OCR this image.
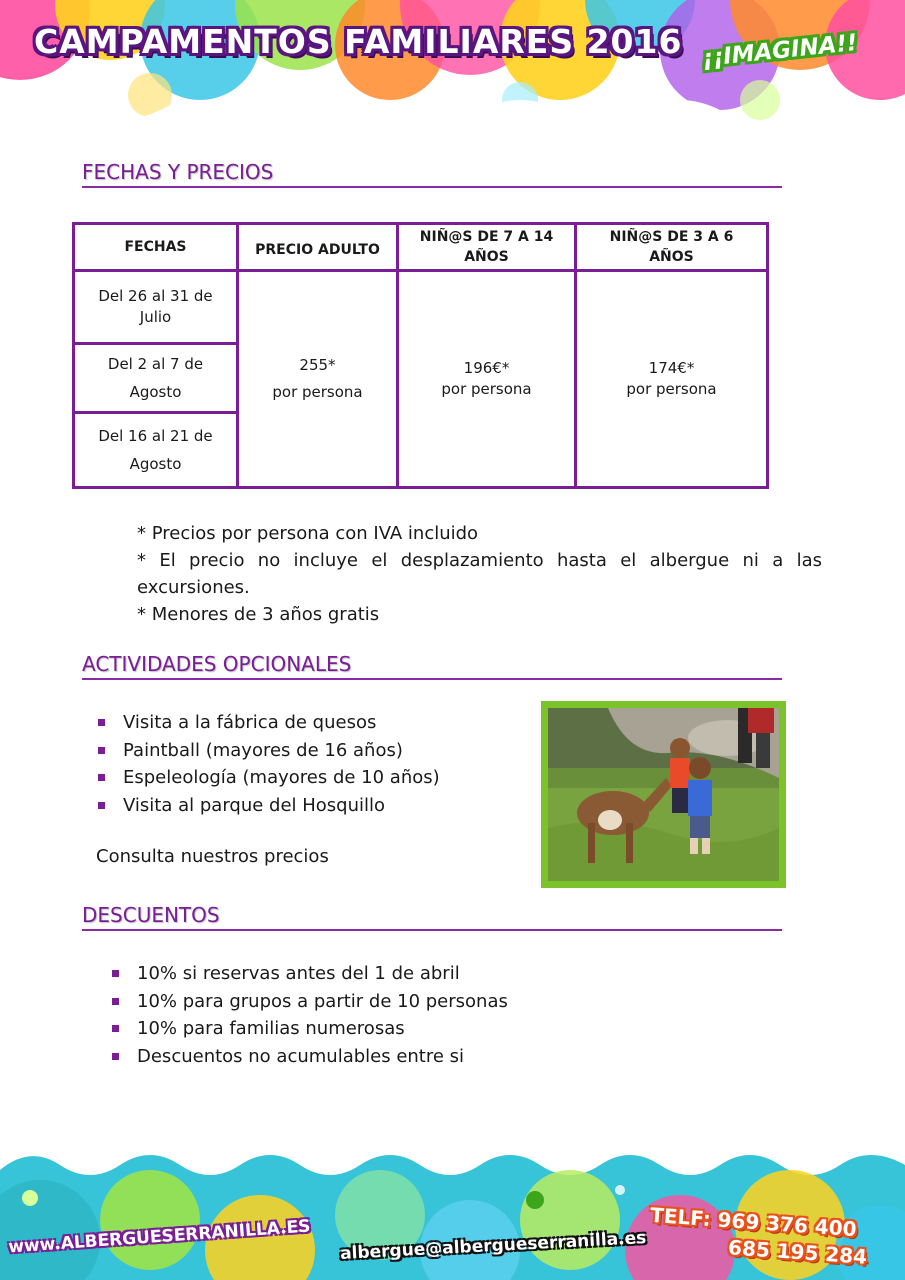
CAMPAMENTOS FAMILIARES 2016 ¡¡IMAGINA!!
FECHAS Y PRECIOS
FECHAS	PRECIO ADULTO
NIÑ@S DE 7 A 14 AÑOS
NIÑ@S DE 3 A 6 AÑOS
Del 26 al 31 de Julio
Del 2 al 7 de Agosto
Del 16 al 21 de Agosto
255*
por persona
196€*
por persona
174€*
por persona

* Precios por persona con IVA incluido

* El precio no incluye el desplazamiento hasta el albergue ni a las excursiones.

* Menores de 3 años gratis

ACTIVIDADES OPCIONALES
Visita a la fábrica de quesos
Paintball (mayores de 16 años)
Espeleología (mayores de 10 años)
Visita al parque del Hosquillo
Consulta nuestros precios
DESCUENTOS
10% si reservas antes del 1 de abril
10% para grupos a partir de 10 personas
10% para familias numerosas
Descuentos no acumulables entre si
www.ALBERGUESERRANILLA.ES albergue@albergueserranilla.es
TELF: 969 376 400
685 195 284
